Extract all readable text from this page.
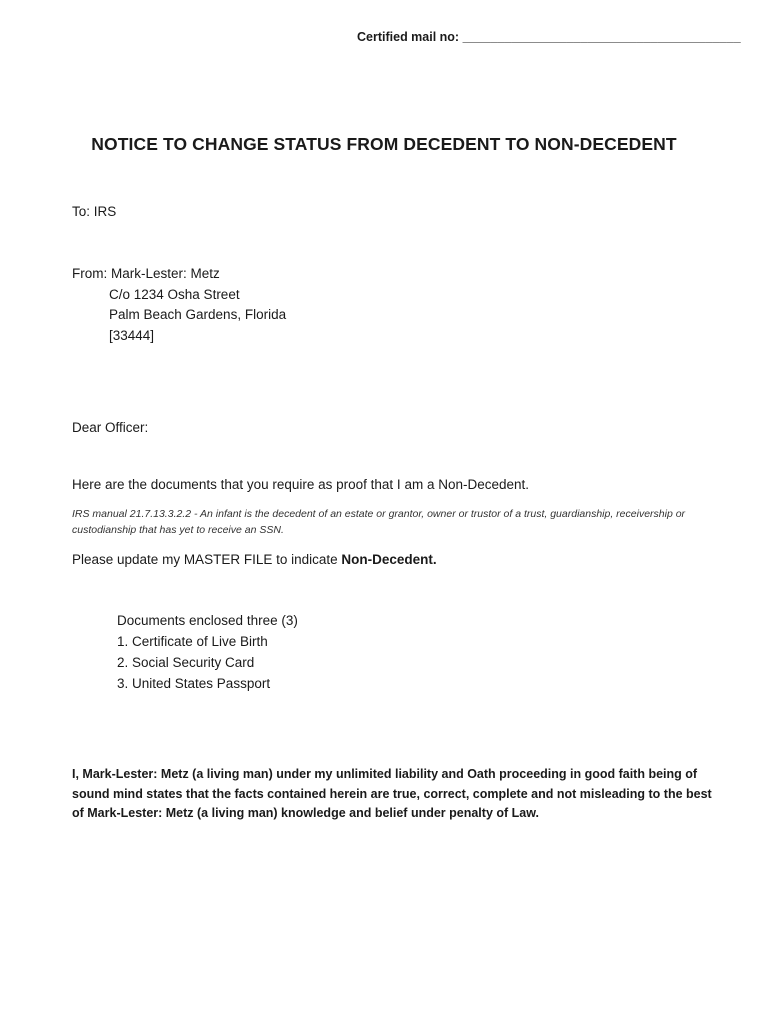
Certified mail no: ________________________________________
NOTICE TO CHANGE STATUS FROM DECEDENT TO NON-DECEDENT
To: IRS
From: Mark-Lester: Metz
C/o 1234 Osha Street
Palm Beach Gardens, Florida
[33444]
Dear Officer:
Here are the documents that you require as proof that I am a Non-Decedent.
IRS manual 21.7.13.3.2.2 - An infant is the decedent of an estate or grantor, owner or trustor of a trust, guardianship, receivership or custodianship that has yet to receive an SSN.
Please update my MASTER FILE to indicate Non-Decedent.
Documents enclosed three (3)
1. Certificate of Live Birth
2. Social Security Card
3. United States Passport
I, Mark-Lester: Metz (a living man) under my unlimited liability and Oath proceeding in good faith being of sound mind states that the facts contained herein are true, correct, complete and not misleading to the best of Mark-Lester: Metz (a living man) knowledge and belief under penalty of Law.
